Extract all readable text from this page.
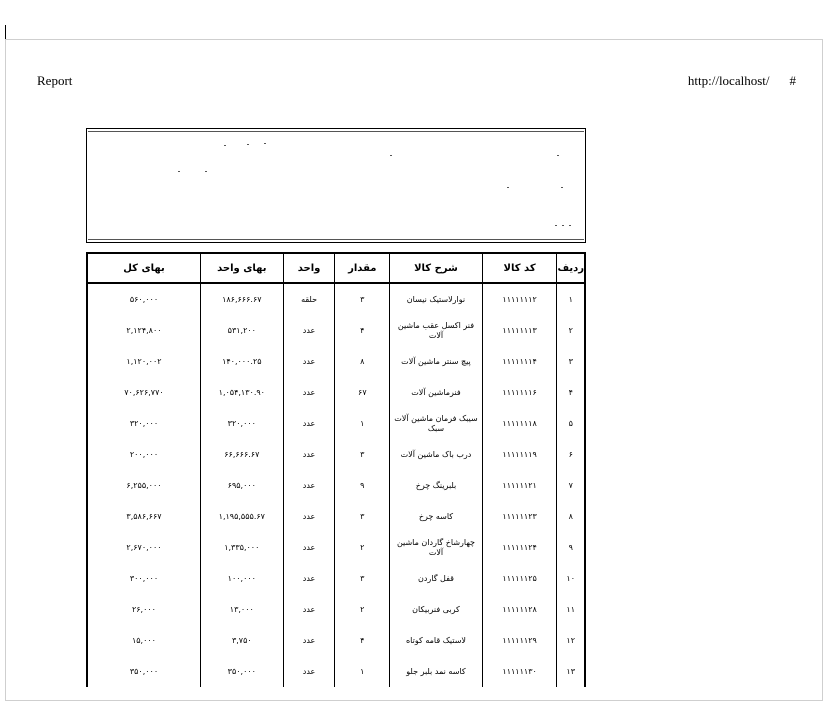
Report	http://localhost/ #
ردیف	کد کالا	شرح کالا	مقدار	واحد	بهای واحد	بهای کل
۱	۱۱۱۱۱۱۱۲	نوارلاستیک نیسان	۳	حلقه	۱۸۶,۶۶۶.۶۷	۵۶۰,۰۰۰
۲	۱۱۱۱۱۱۱۳	فنر اکسل عقب ماشین آلات	۴	عدد	۵۳۱,۲۰۰	۲,۱۲۴,۸۰۰
۳	۱۱۱۱۱۱۱۴	پیچ سنتر ماشین آلات	۸	عدد	۱۴۰,۰۰۰.۲۵	۱,۱۲۰,۰۰۲
۴	۱۱۱۱۱۱۱۶	فنرماشین آلات	۶۷	عدد	۱,۰۵۴,۱۳۰.۹۰	۷۰,۶۲۶,۷۷۰
۵	۱۱۱۱۱۱۱۸	سیبک فرمان ماشین آلات سبک	۱	عدد	۳۲۰,۰۰۰	۳۲۰,۰۰۰
۶	۱۱۱۱۱۱۱۹	درب باک ماشین آلات	۳	عدد	۶۶,۶۶۶.۶۷	۲۰۰,۰۰۰
۷	۱۱۱۱۱۱۲۱	بلبرینگ چرخ	۹	عدد	۶۹۵,۰۰۰	۶,۲۵۵,۰۰۰
۸	۱۱۱۱۱۱۲۳	کاسه چرخ	۳	عدد	۱,۱۹۵,۵۵۵.۶۷	۳,۵۸۶,۶۶۷
۹	۱۱۱۱۱۱۲۴	چهارشاخ گاردان ماشین آلات	۲	عدد	۱,۳۳۵,۰۰۰	۲,۶۷۰,۰۰۰
۱۰	۱۱۱۱۱۱۲۵	قفل گاردن	۳	عدد	۱۰۰,۰۰۰	۳۰۰,۰۰۰
۱۱	۱۱۱۱۱۱۲۸	کربی فنربیکان	۲	عدد	۱۳,۰۰۰	۲۶,۰۰۰
۱۲	۱۱۱۱۱۱۲۹	لاستیک قامه کوتاه	۴	عدد	۳,۷۵۰	۱۵,۰۰۰
۱۳	۱۱۱۱۱۱۳۰	کاسه نمد بلبر جلو	۱	عدد	۳۵۰,۰۰۰	۳۵۰,۰۰۰
